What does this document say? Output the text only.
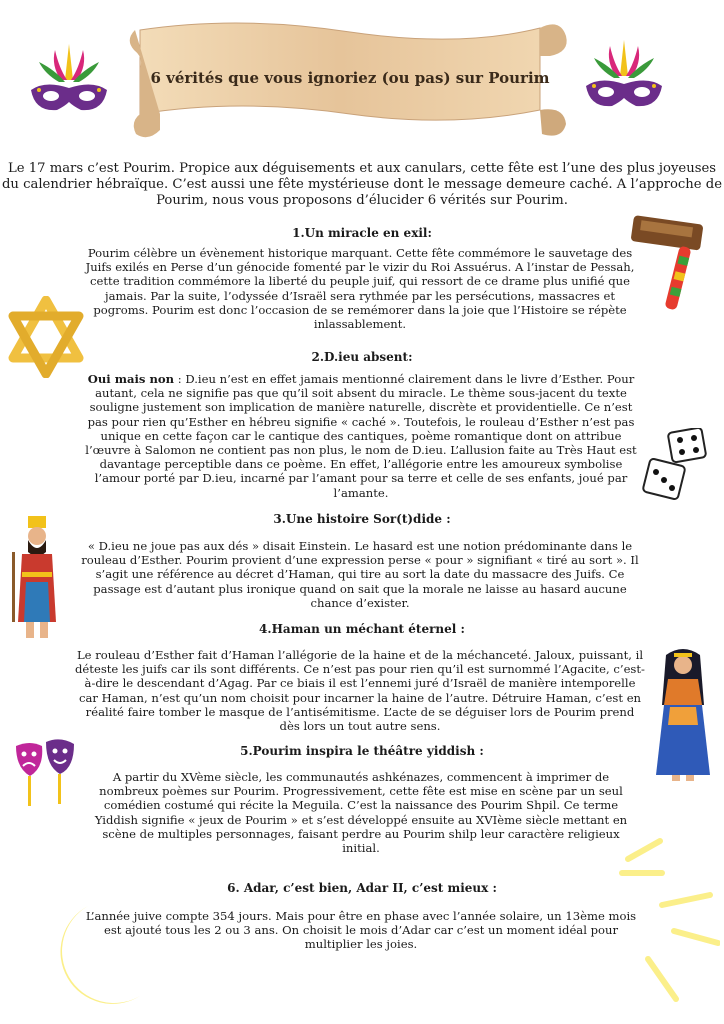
6 vérités que vous ignoriez (ou pas) sur Pourim
Le 17 mars c’est Pourim. Propice aux déguisements et aux canulars, cette fête est l’une des plus joyeuses du calendrier hébraïque. C’est aussi une fête mystérieuse dont le message demeure caché. A l’approche de Pourim, nous vous proposons d’élucider 6 vérités sur Pourim.
1.Un miracle en exil:
Pourim célèbre un évènement historique marquant. Cette fête commémore le sauvetage des Juifs exilés en Perse d’un génocide fomenté par le vizir du Roi Assuérus. A l’instar de Pessah, cette tradition commémore la liberté du peuple juif, qui ressort de ce drame plus unifié que jamais. Par la suite, l’odyssée d’Israël sera rythmée par les persécutions, massacres et pogroms. Pourim est donc l’occasion de se remémorer dans la joie que l’Histoire se répète inlassablement.
2.D.ieu absent:
Oui mais non : D.ieu n’est en effet jamais mentionné clairement dans le livre d’Esther. Pour autant, cela ne signifie pas que qu’il soit absent du miracle. Le thème sous-jacent du texte souligne justement son implication de manière naturelle, discrète et providentielle. Ce n’est pas pour rien qu’Esther en hébreu signifie « caché ». Toutefois, le rouleau d’Esther n’est pas unique en cette façon car le cantique des cantiques, poème romantique dont on attribue l’œuvre à Salomon ne contient pas non plus, le nom de D.ieu. L’allusion faite au Très Haut est davantage perceptible dans ce poème. En effet, l’allégorie entre les amoureux symbolise l’amour porté par D.ieu, incarné par l’amant pour sa terre et celle de ses enfants, joué par l’amante.
3.Une histoire Sor(t)dide :
« D.ieu ne joue pas aux dés » disait Einstein. Le hasard est une notion prédominante dans le rouleau d’Esther. Pourim provient d’une expression perse « pour » signifiant « tiré au sort ». Il s’agit une référence au décret d’Haman, qui tire au sort la date du massacre des Juifs. Ce passage est d’autant plus ironique quand on sait que la morale ne laisse au hasard aucune chance d’exister.
4.Haman un méchant éternel :
Le rouleau d’Esther fait d’Haman l’allégorie de la haine et de la méchanceté. Jaloux, puissant, il déteste les juifs car ils sont différents. Ce n’est pas pour rien qu’il est surnommé l’Agacite, c’est-à-dire le descendant d’Agag. Par ce biais il est l’ennemi juré d’Israël de manière intemporelle car Haman, n’est qu’un nom choisit pour incarner la haine de l’autre. Détruire Haman, c’est en réalité faire tomber le masque de l’antisémitisme. L’acte de se déguiser lors de Pourim prend dès lors un tout autre sens.
5.Pourim inspira le théâtre yiddish :
A partir du XVème siècle, les communautés ashkénazes, commencent à imprimer de nombreux poèmes sur Pourim. Progressivement, cette fête est mise en scène par un seul comédien costumé qui récite la Meguila. C’est la naissance des Pourim Shpil. Ce terme Yiddish signifie « jeux de Pourim » et s’est développé ensuite au XVIème siècle mettant en scène de multiples personnages, faisant perdre au Pourim shilp leur caractère religieux initial.
6. Adar, c’est bien, Adar II, c’est mieux :
L’année juive compte 354 jours. Mais pour être en phase avec l’année solaire, un 13ème mois est ajouté tous les 2 ou 3 ans. On choisit le mois d’Adar car c’est un moment idéal pour multiplier les joies.
